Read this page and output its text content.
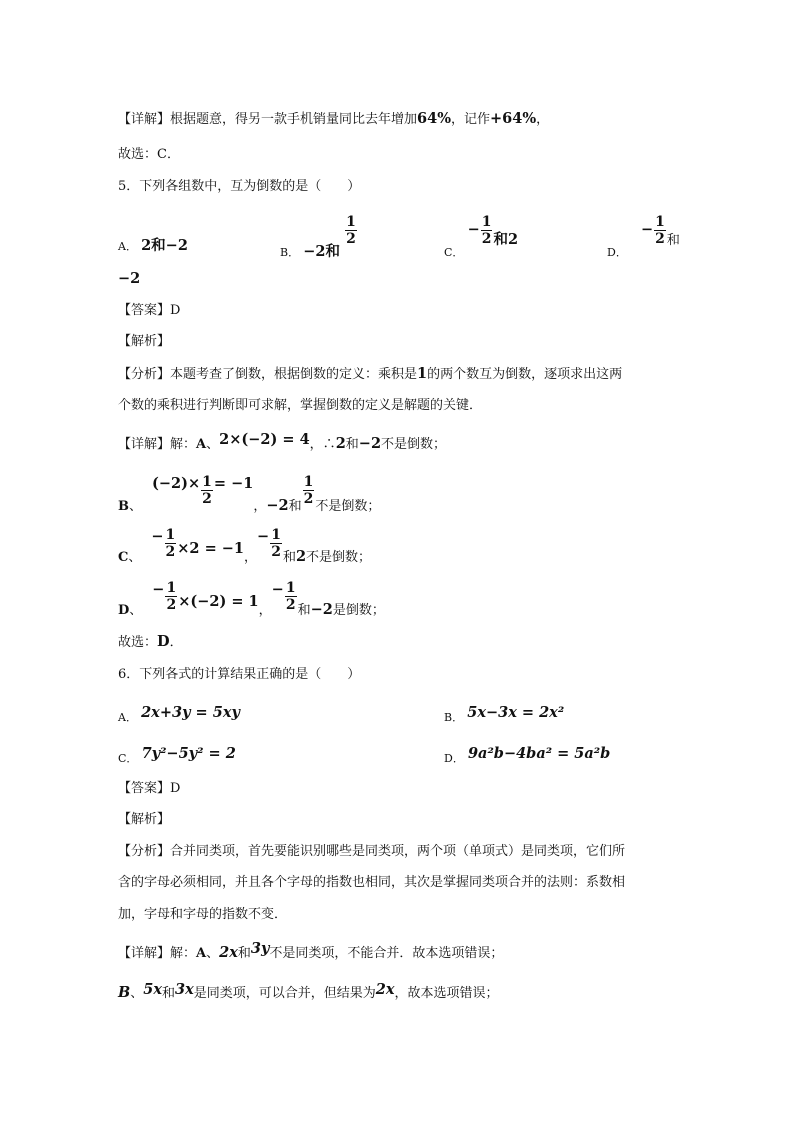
【详解】根据题意，得另一款手机销量同比去年增加64%，记作+64%，
故选：C．
5．下列各组数中，互为倒数的是（　　）
A． 2和−2	$_{B.}$ −2和
$\frac{1}{2}$
$_{C.} - \frac{1}{2}$ 和2
$_{D.} - \frac{1}{2}$ 和
−2
【答案】D
【解析】
【分析】本题考查了倒数，根据倒数的定义：乘积是1的两个数互为倒数，逐项求出这两
个数的乘积进行判断即可求解，掌握倒数的定义是解题的关键．
【详解】解：A、2×(−2) = 4，∴2和−2不是倒数；
B、$(-2)\times \frac{1}{2} = -1$，−2和 $\frac{1}{2}$ 不是倒数；
C、− $\frac{1}{2} \times 2 = -1$，− $\frac{1}{2}$ 和2不是倒数；
D、− $\frac{1}{2} \times(-2) = 1$，− $\frac{1}{2}$ 和−2是倒数；
故选：D．
6．下列各式的计算结果正确的是（　　）
$_{A.}$ 2x+3y = 5xy	$_{B.}$ 5x−3x = 2x²
$_{C.}$ 7y²−5y² = 2	$_{D.}$ 9a²b−4ba² = 5a²b
【答案】D
【解析】
【分析】合并同类项，首先要能识别哪些是同类项，两个项（单项式）是同类项，它们所
含的字母必须相同，并且各个字母的指数也相同，其次是掌握同类项合并的法则：系数相
加，字母和字母的指数不变．
【详解】解：A、2x和3y不是同类项，不能合并．故本选项错误；
B、5x和3x是同类项，可以合并，但结果为2x，故本选项错误；
